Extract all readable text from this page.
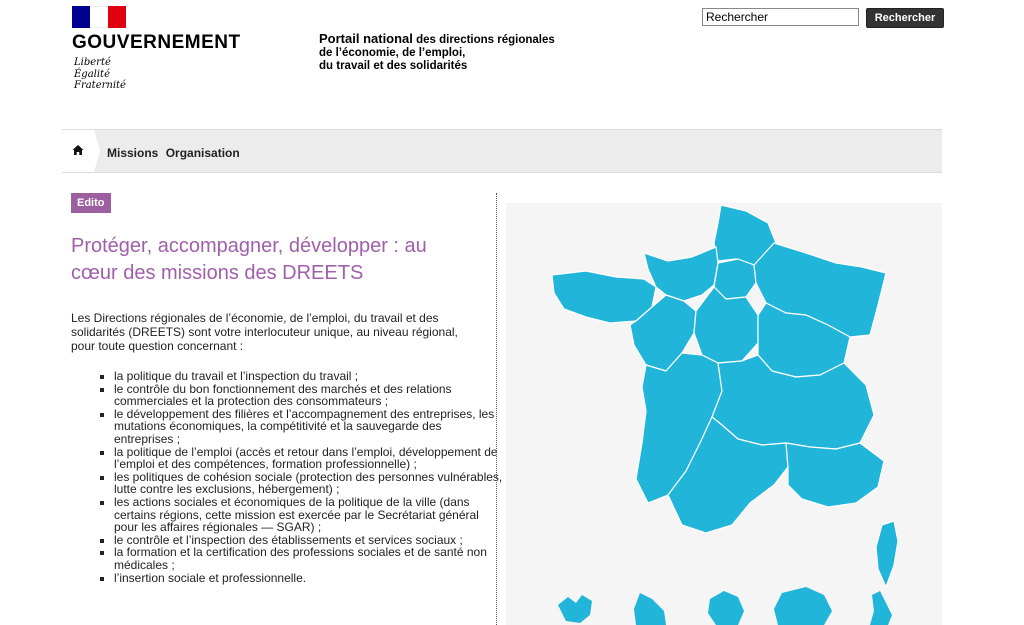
GOUVERNEMENT
Liberté
Égalité
Fraternité
Portail national des directions régionales
de l’économie, de l’emploi,
du travail et des solidarités
Rechercher
Rechercher
Missions Organisation
Edito
Protéger, accompagner, développer : au
cœur des missions des DREETS
Les Directions régionales de l’économie, de l’emploi, du travail et des solidarités (DREETS) sont votre interlocuteur unique, au niveau régional, pour toute question concernant :
▪ la politique du travail et l’inspection du travail ;
▪ le contrôle du bon fonctionnement des marchés et des relations commerciales et la protection des consommateurs ;
▪ le développement des filières et l’accompagnement des entreprises, les mutations économiques, la compétitivité et la sauvegarde des entreprises ;
▪ la politique de l’emploi (accès et retour dans l’emploi, développement de l’emploi et des compétences, formation professionnelle) ;
▪ les politiques de cohésion sociale (protection des personnes vulnérables, lutte contre les exclusions, hébergement) ;
▪ les actions sociales et économiques de la politique de la ville (dans certains régions, cette mission est exercée par le Secrétariat général pour les affaires régionales — SGAR) ;
▪ le contrôle et l’inspection des établissements et services sociaux ;
▪ la formation et la certification des professions sociales et de santé non médicales ;
▪ l’insertion sociale et professionnelle.
